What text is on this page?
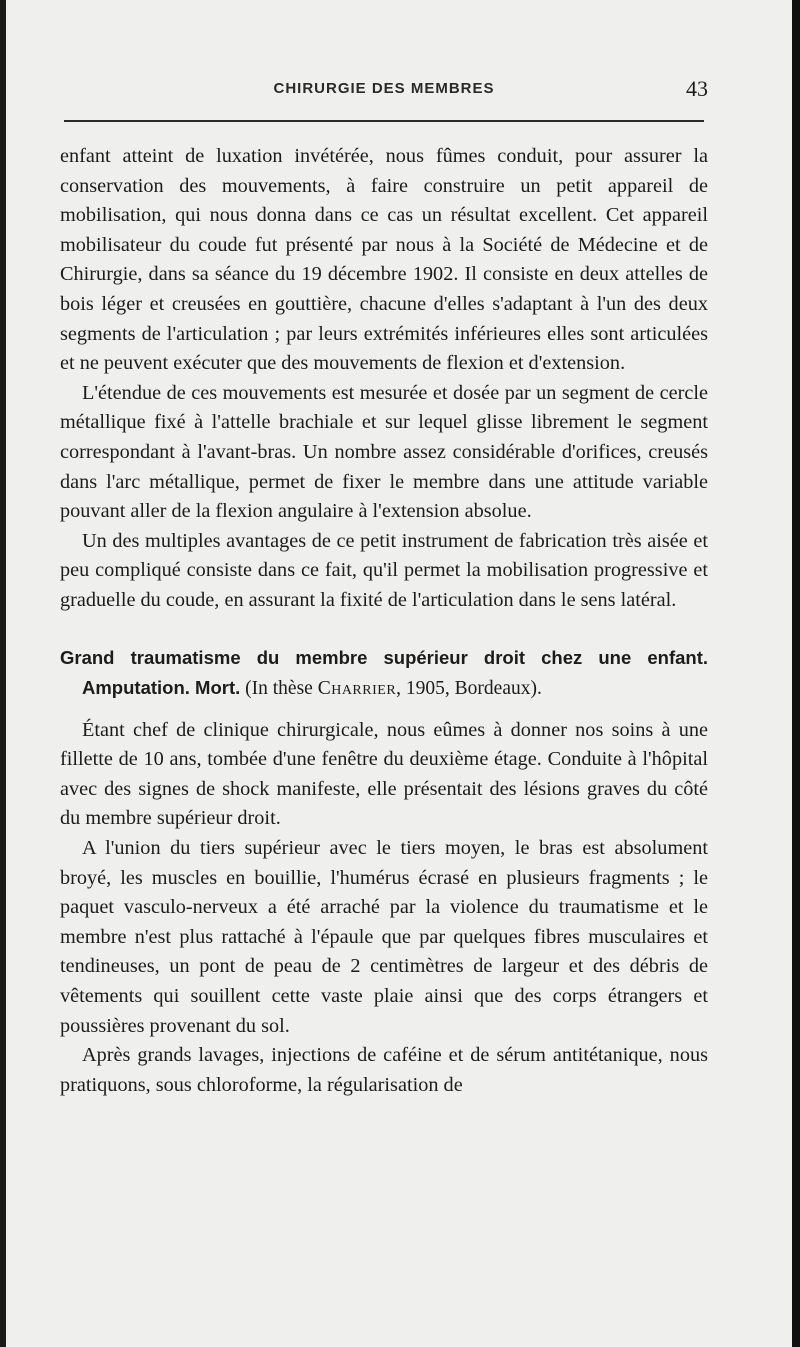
CHIRURGIE DES MEMBRES	43

enfant atteint de luxation invétérée, nous fûmes conduit, pour assurer la conservation des mouvements, à faire construire un petit appareil de mobilisation, qui nous donna dans ce cas un résultat excellent. Cet appareil mobilisateur du coude fut présenté par nous à la Société de Médecine et de Chirurgie, dans sa séance du 19 décembre 1902. Il consiste en deux attelles de bois léger et creusées en gouttière, chacune d'elles s'adaptant à l'un des deux segments de l'articulation ; par leurs extrémités inférieures elles sont articulées et ne peuvent exécuter que des mouvements de flexion et d'extension.

L'étendue de ces mouvements est mesurée et dosée par un segment de cercle métallique fixé à l'attelle brachiale et sur lequel glisse librement le segment correspondant à l'avant-bras. Un nombre assez considérable d'orifices, creusés dans l'arc métallique, permet de fixer le membre dans une attitude variable pouvant aller de la flexion angulaire à l'extension absolue.

Un des multiples avantages de ce petit instrument de fabrication très aisée et peu compliqué consiste dans ce fait, qu'il permet la mobilisation progressive et graduelle du coude, en assurant la fixité de l'articulation dans le sens latéral.

Grand traumatisme du membre supérieur droit chez une enfant. Amputation. Mort. (In thèse Charrier, 1905, Bordeaux).

Étant chef de clinique chirurgicale, nous eûmes à donner nos soins à une fillette de 10 ans, tombée d'une fenêtre du deuxième étage. Conduite à l'hôpital avec des signes de shock manifeste, elle présentait des lésions graves du côté du membre supérieur droit.

A l'union du tiers supérieur avec le tiers moyen, le bras est absolument broyé, les muscles en bouillie, l'humérus écrasé en plusieurs fragments ; le paquet vasculo-nerveux a été arraché par la violence du traumatisme et le membre n'est plus rattaché à l'épaule que par quelques fibres musculaires et tendineuses, un pont de peau de 2 centimètres de largeur et des débris de vêtements qui souillent cette vaste plaie ainsi que des corps étrangers et poussières provenant du sol.

Après grands lavages, injections de caféine et de sérum antitétanique, nous pratiquons, sous chloroforme, la régularisation de
